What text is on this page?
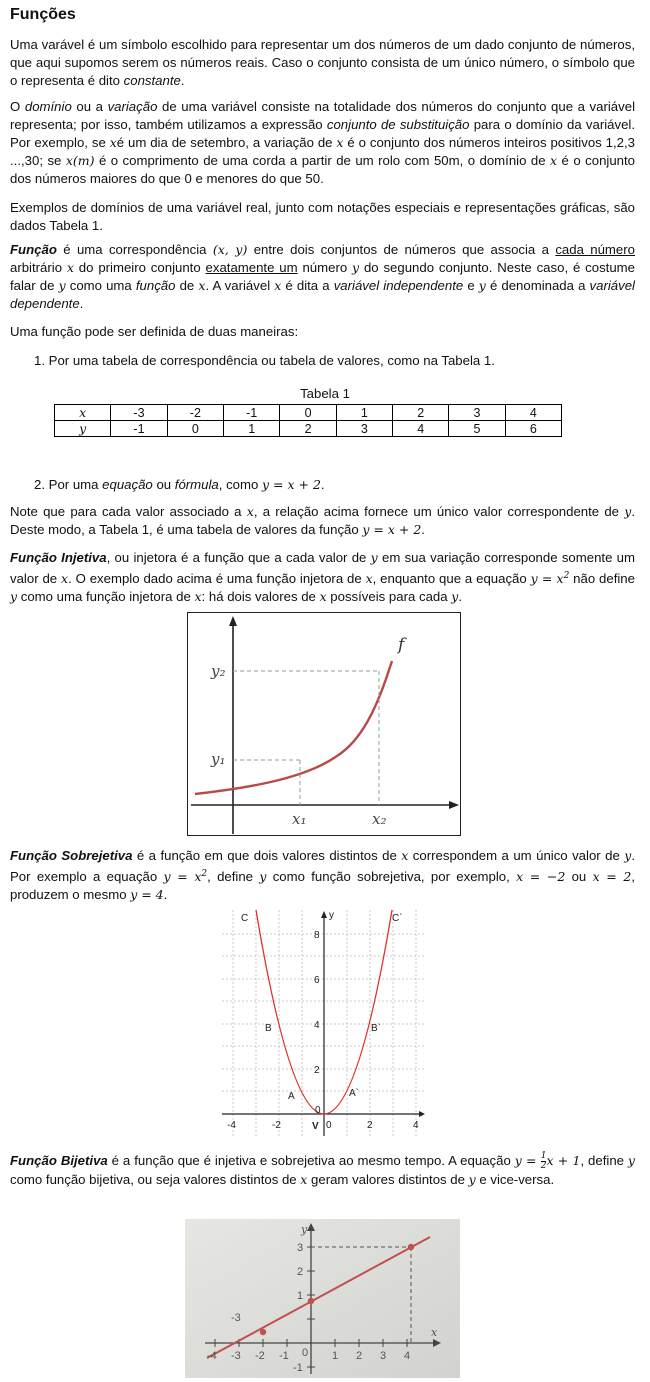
Funções
Uma varável é um símbolo escolhido para representar um dos números de um dado conjunto de números, que aqui supomos serem os números reais. Caso o conjunto consista de um único número, o símbolo que o representa é dito constante.
O domínio ou a variação de uma variável consiste na totalidade dos números do conjunto que a variável representa; por isso, também utilizamos a expressão conjunto de substituição para o domínio da variável. Por exemplo, se xé um dia de setembro, a variação de x é o conjunto dos números inteiros positivos 1,2,3 ...,30; se x(m) é o comprimento de uma corda a partir de um rolo com 50m, o domínio de x é o conjunto dos números maiores do que 0 e menores do que 50.
Exemplos de domínios de uma variável real, junto com notações especiais e representações gráficas, são dados Tabela 1.
Função é uma correspondência (x, y) entre dois conjuntos de números que associa a cada número arbitrário x do primeiro conjunto exatamente um número y do segundo conjunto. Neste caso, é costume falar de y como uma função de x. A variável x é dita a variável independente e y é denominada a variável dependente.
Uma função pode ser definida de duas maneiras:
1. Por uma tabela de correspondência ou tabela de valores, como na Tabela 1.
Tabela 1
x	-3	-2	-1	0	1	2	3	4
y	-1	0	1	2	3	4	5	6
2. Por uma equação ou fórmula, como y = x + 2.
Note que para cada valor associado a x, a relação acima fornece um único valor correspondente de y. Deste modo, a Tabela 1, é uma tabela de valores da função y = x + 2.
Função Injetiva, ou injetora é a função que a cada valor de y em sua variação corresponde somente um valor de x. O exemplo dado acima é uma função injetora de x, enquanto que a equação $y = x^2$ não define y como uma função injetora de x: há dois valores de x possíveis para cada y.
f
y₂
y₁
x₁	x₂
Função Sobrejetiva é a função em que dois valores distintos de x correspondem a um único valor de y. Por exemplo a equação $y = x^2$, define y como função sobrejetiva, por exemplo, x = −2 ou x = 2, produzem o mesmo y = 4.
C	C`
B	B`
A	A`
y
8
6
4
2
0
-4	-2	0	2	4
V
Função Bijetiva é a função que é injetiva e sobrejetiva ao mesmo tempo. A equação $y = \frac{1}{2}$ x + 1, define y como função bijetiva, ou seja valores distintos de x geram valores distintos de y e vice-versa.
y
x
3
2
1
-1
-3
-4 -3 -2 -1 0 1 2 3 4
